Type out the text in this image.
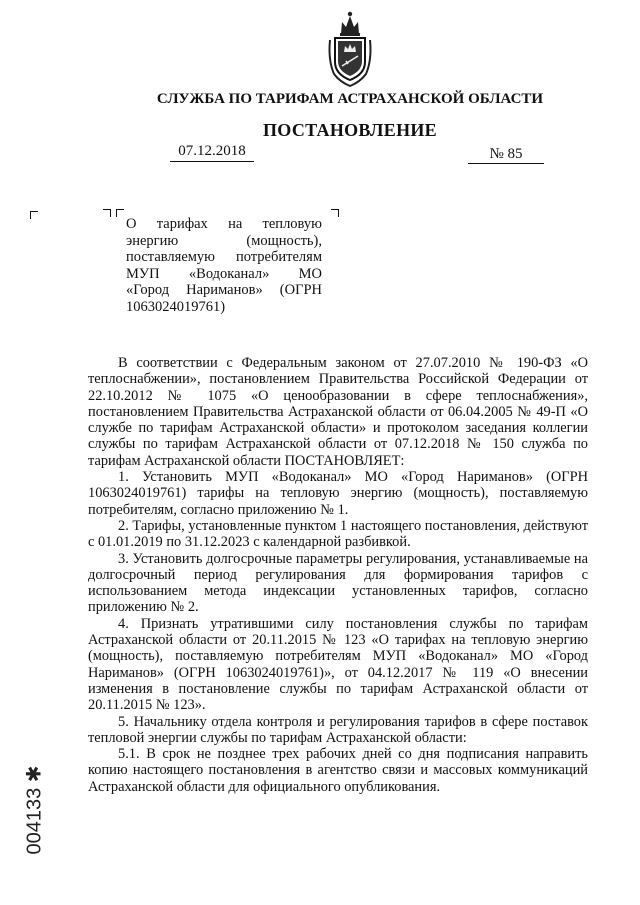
СЛУЖБА ПО ТАРИФАМ АСТРАХАНСКОЙ ОБЛАСТИ
ПОСТАНОВЛЕНИЕ
07.12.2018	№ 85
О тарифах на тепловую
энергию (мощность),
поставляемую потребителям
МУП «Водоканал» МО
«Город Нариманов» (ОГРН
1063024019761)

В соответствии с Федеральным законом от 27.07.2010 № 190-ФЗ «О теплоснабжении», постановлением Правительства Российской Федерации от 22.10.2012 № 1075 «О ценообразовании в сфере теплоснабжения», постановлением Правительства Астраханской области от 06.04.2005 № 49-П «О службе по тарифам Астраханской области» и протоколом заседания коллегии службы по тарифам Астраханской области от 07.12.2018 № 150 служба по тарифам Астраханской области ПОСТАНОВЛЯЕТ:

1. Установить МУП «Водоканал» МО «Город Нариманов» (ОГРН 1063024019761) тарифы на тепловую энергию (мощность), поставляемую потребителям, согласно приложению № 1.

2. Тарифы, установленные пунктом 1 настоящего постановления, действуют с 01.01.2019 по 31.12.2023 с календарной разбивкой.

3. Установить долгосрочные параметры регулирования, устанавливаемые на долгосрочный период регулирования для формирования тарифов с использованием метода индексации установленных тарифов, согласно приложению № 2.

4. Признать утратившими силу постановления службы по тарифам Астраханской области от 20.11.2015 № 123 «О тарифах на тепловую энергию (мощность), поставляемую потребителям МУП «Водоканал» МО «Город Нариманов» (ОГРН 1063024019761)», от 04.12.2017 № 119 «О внесении изменения в постановление службы по тарифам Астраханской области от 20.11.2015 № 123».

5. Начальнику отдела контроля и регулирования тарифов в сфере поставок тепловой энергии службы по тарифам Астраханской области:

5.1. В срок не позднее трех рабочих дней со дня подписания направить копию настоящего постановления в агентство связи и массовых коммуникаций Астраханской области для официального опубликования.

004133 ✱
